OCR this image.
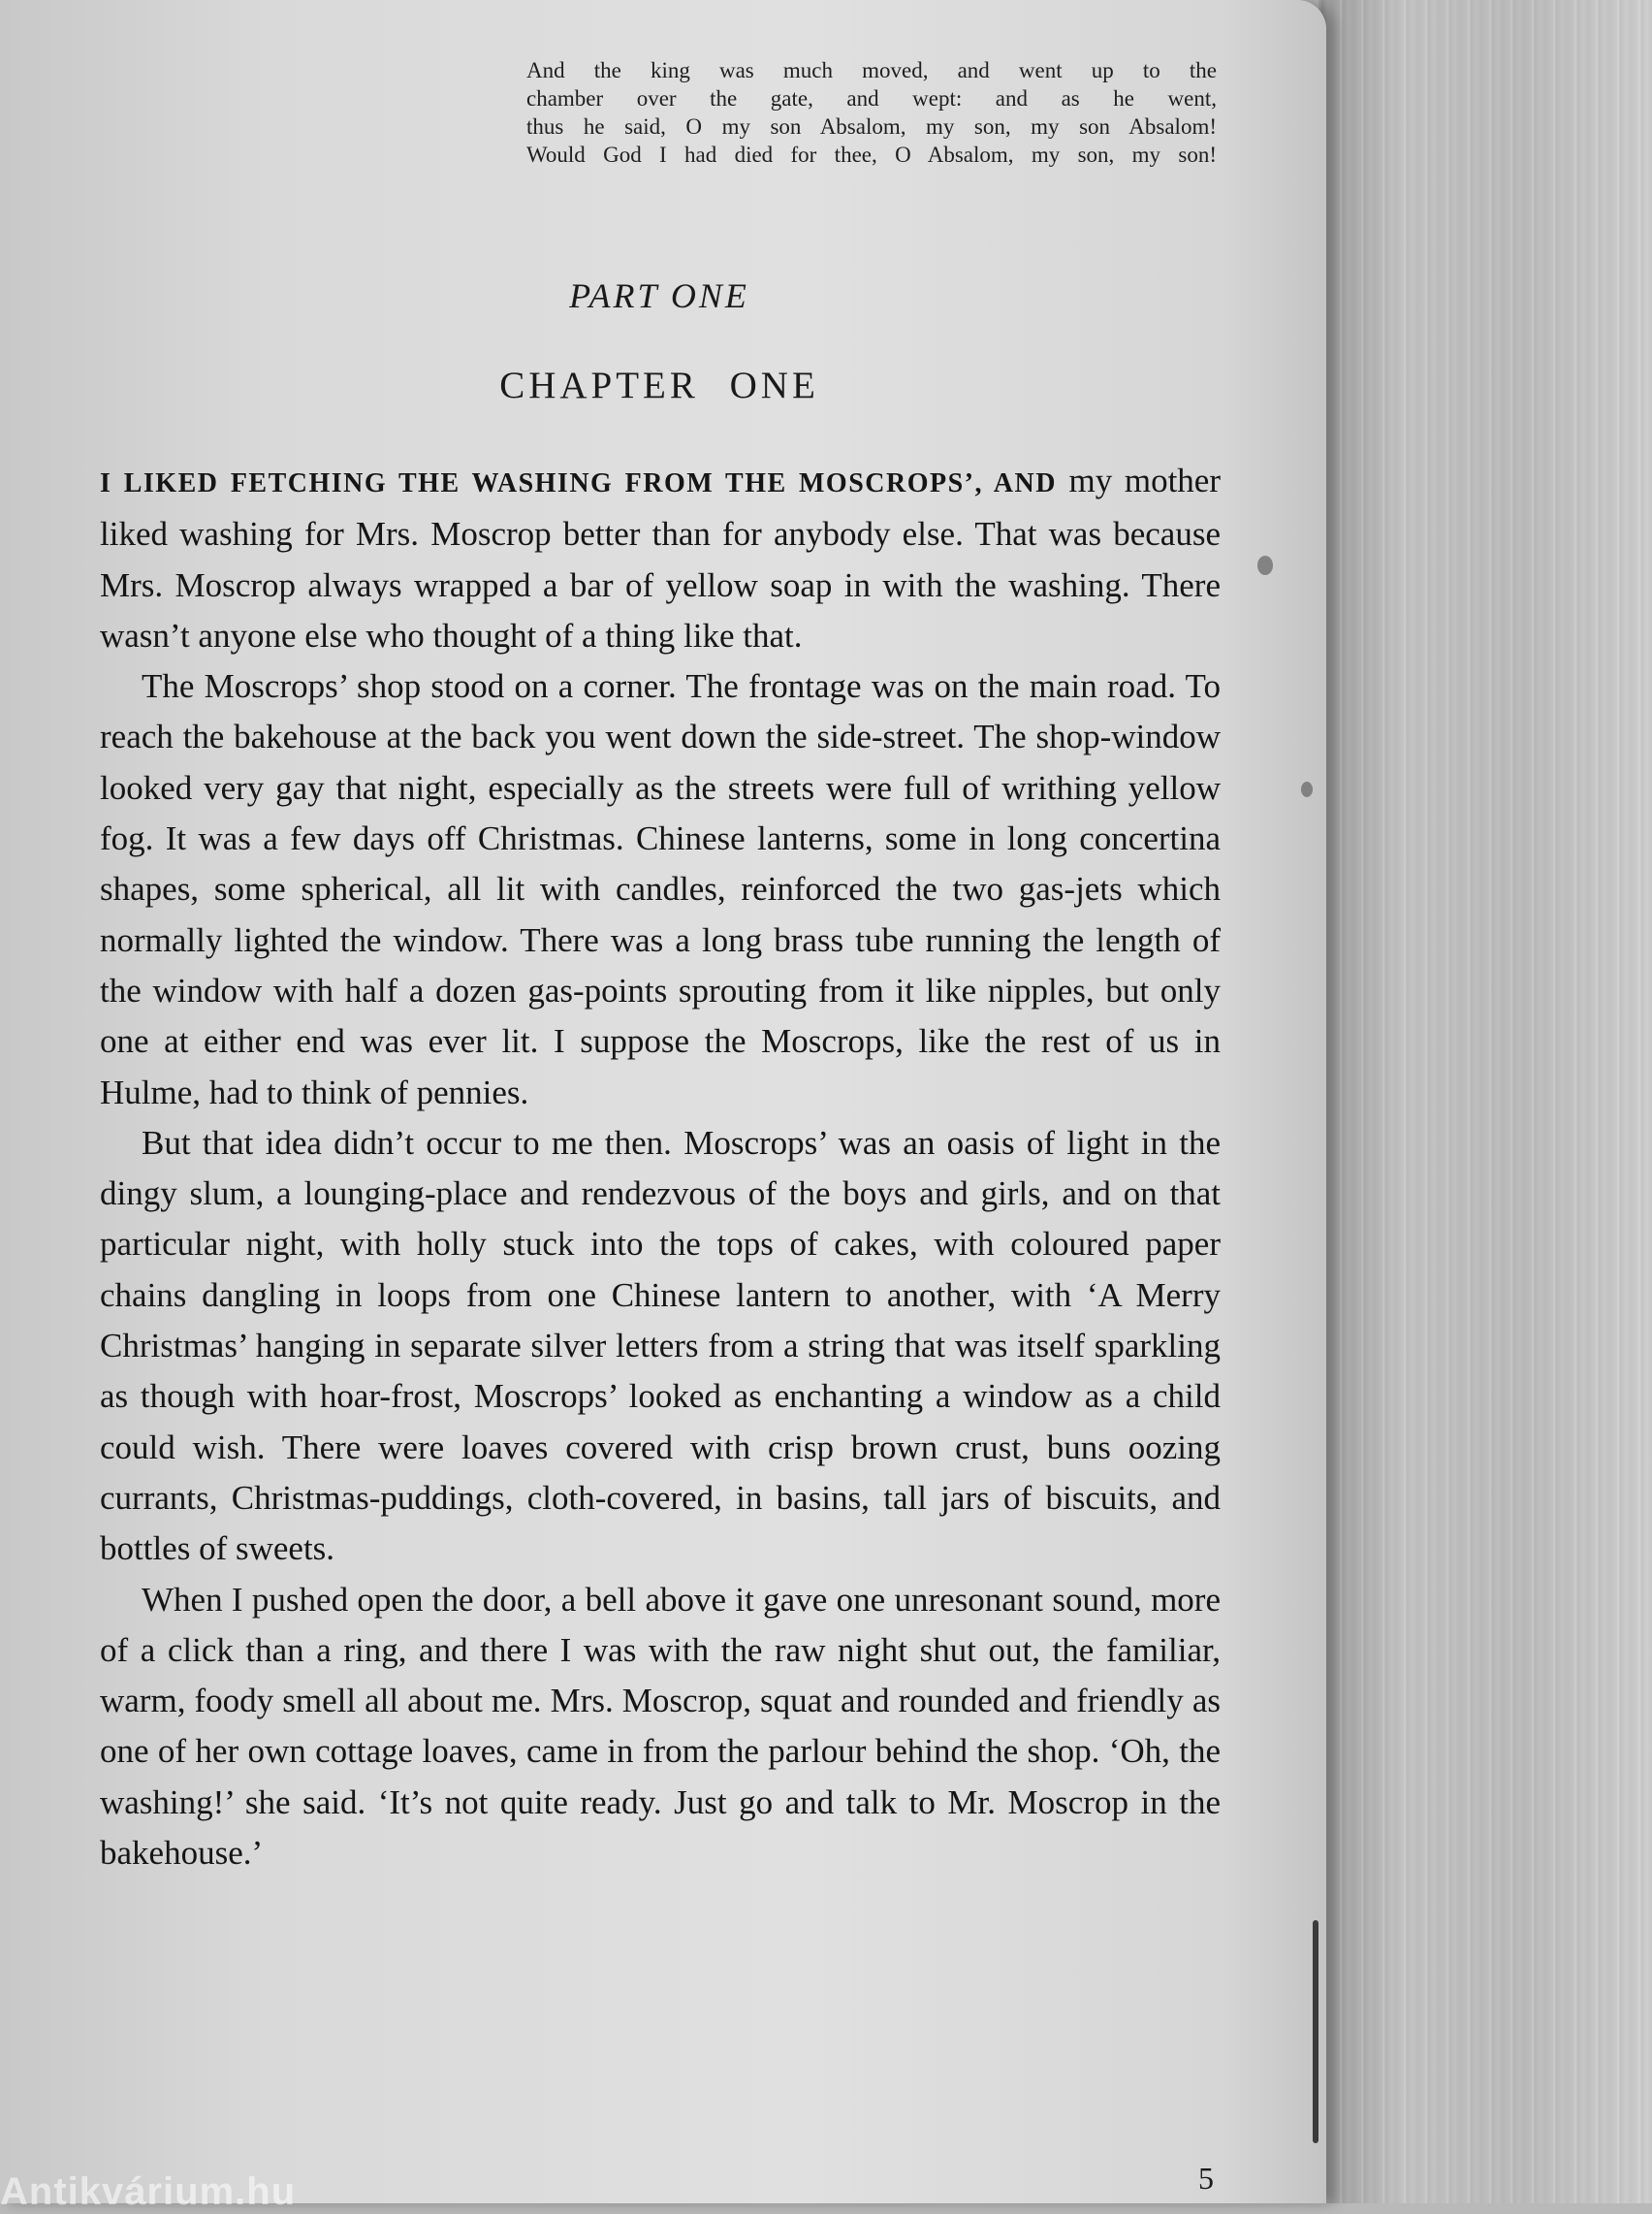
And the king was much moved, and went up to the
chamber over the gate, and wept: and as he went,
thus he said, O my son Absalom, my son, my son Absalom!
Would God I had died for thee, O Absalom, my son, my son!
PART ONE
CHAPTER ONE

I LIKED FETCHING THE WASHING FROM THE MOSCROPS’, AND my mother liked washing for Mrs. Moscrop better than for anybody else. That was because Mrs. Moscrop always wrapped a bar of yellow soap in with the washing. There wasn’t anyone else who thought of a thing like that.

The Moscrops’ shop stood on a corner. The frontage was on the main road. To reach the bakehouse at the back you went down the side-street. The shop-window looked very gay that night, especially as the streets were full of writhing yellow fog. It was a few days off Christmas. Chinese lanterns, some in long concertina shapes, some spherical, all lit with candles, reinforced the two gas-jets which normally lighted the window. There was a long brass tube running the length of the window with half a dozen gas-points sprouting from it like nipples, but only one at either end was ever lit. I suppose the Moscrops, like the rest of us in Hulme, had to think of pennies.

But that idea didn’t occur to me then. Moscrops’ was an oasis of light in the dingy slum, a lounging-place and rendezvous of the boys and girls, and on that particular night, with holly stuck into the tops of cakes, with coloured paper chains dangling in loops from one Chinese lantern to another, with ‘A Merry Christmas’ hanging in separate silver letters from a string that was itself sparkling as though with hoar-frost, Moscrops’ looked as enchanting a window as a child could wish. There were loaves covered with crisp brown crust, buns oozing currants, Christmas-puddings, cloth-covered, in basins, tall jars of biscuits, and bottles of sweets.

When I pushed open the door, a bell above it gave one unresonant sound, more of a click than a ring, and there I was with the raw night shut out, the familiar, warm, foody smell all about me. Mrs. Moscrop, squat and rounded and friendly as one of her own cottage loaves, came in from the parlour behind the shop. ‘Oh, the washing!’ she said. ‘It’s not quite ready. Just go and talk to Mr. Moscrop in the bakehouse.’

5
Antikvárium.hu
